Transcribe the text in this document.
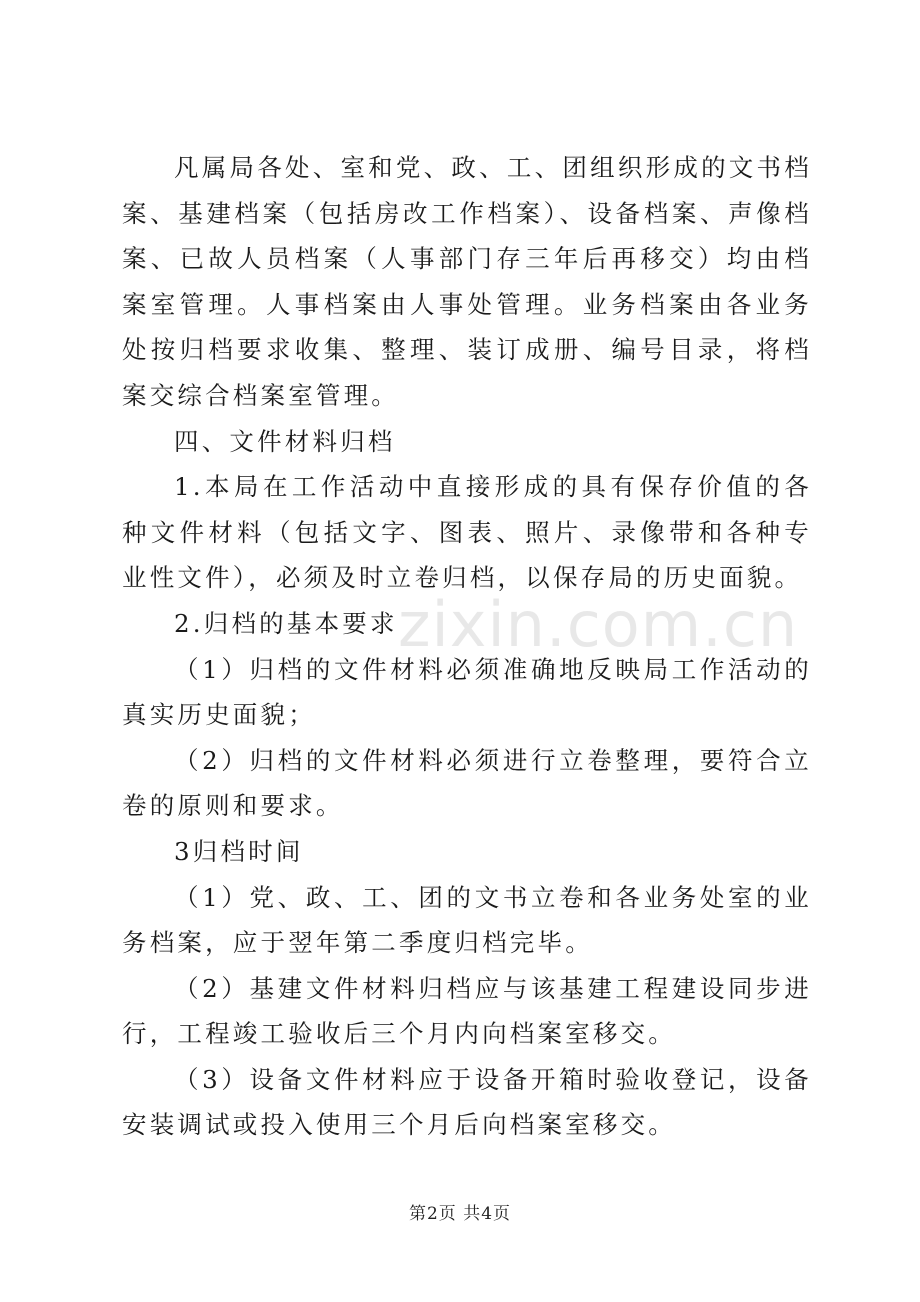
凡属局各处、室和党、政、工、团组织形成的文书档案、基建档案（包括房改工作档案）、设备档案、声像档案、已故人员档案（人事部门存三年后再移交）均由档案室管理。人事档案由人事处管理。业务档案由各业务处按归档要求收集、整理、装订成册、编号目录，将档案交综合档案室管理。

四、文件材料归档

1.本局在工作活动中直接形成的具有保存价值的各种文件材料（包括文字、图表、照片、录像带和各种专业性文件），必须及时立卷归档，以保存局的历史面貌。

2.归档的基本要求

（1）归档的文件材料必须准确地反映局工作活动的真实历史面貌；

（2）归档的文件材料必须进行立卷整理，要符合立卷的原则和要求。

3归档时间

（1）党、政、工、团的文书立卷和各业务处室的业务档案，应于翌年第二季度归档完毕。

（2）基建文件材料归档应与该基建工程建设同步进行，工程竣工验收后三个月内向档案室移交。

（3）设备文件材料应于设备开箱时验收登记，设备安装调试或投入使用三个月后向档案室移交。

zixin.com.cn
第2页 共4页
